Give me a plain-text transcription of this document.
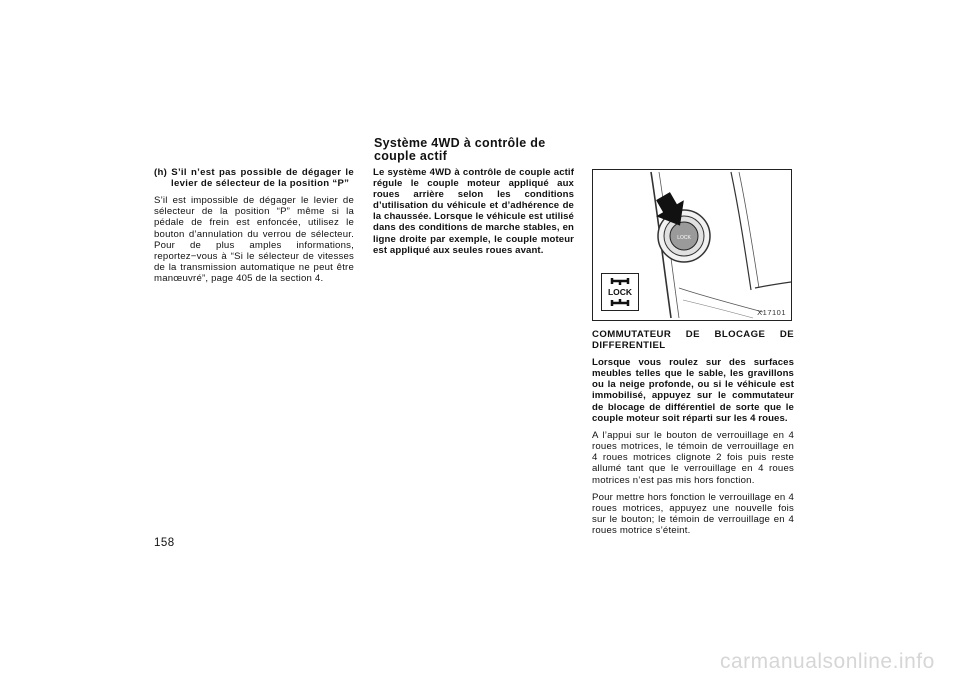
Système 4WD à contrôle de

couple actif

(h) S’il n’est pas possible de dégager le levier de sélecteur de la position “P”

S’il est impossible de dégager le levier de sélecteur de la position “P” même si la pédale de frein est enfoncée, utilisez le bouton d’annulation du verrou de sélecteur. Pour de plus amples informations, reportez−vous à “Si le sélecteur de vitesses de la transmission automatique ne peut être manœuvré”, page 405 de la section 4.

Le système 4WD à contrôle de couple actif régule le couple moteur appliqué aux roues arrière selon les conditions d’utilisation du véhicule et d’adhérence de la chaussée. Lorsque le véhicule est utilisé dans des conditions de marche stables, en ligne droite par exemple, le couple moteur est appliqué aux seules roues avant.

LOCK
LOCK
X17101

COMMUTATEUR DE BLOCAGE DE DIFFERENTIEL

Lorsque vous roulez sur des surfaces meubles telles que le sable, les gravillons ou la neige profonde, ou si le véhicule est immobilisé, appuyez sur le commutateur de blocage de différentiel de sorte que le couple moteur soit réparti sur les 4 roues.

A l’appui sur le bouton de verrouillage en 4 roues motrices, le témoin de verrouillage en 4 roues motrices clignote 2 fois puis reste allumé tant que le verrouillage en 4 roues motrices n’est pas mis hors fonction.

Pour mettre hors fonction le verrouillage en 4 roues motrices, appuyez une nouvelle fois sur le bouton; le témoin de verrouillage en 4 roues motrice s’éteint.

158
carmanualsonline.info
